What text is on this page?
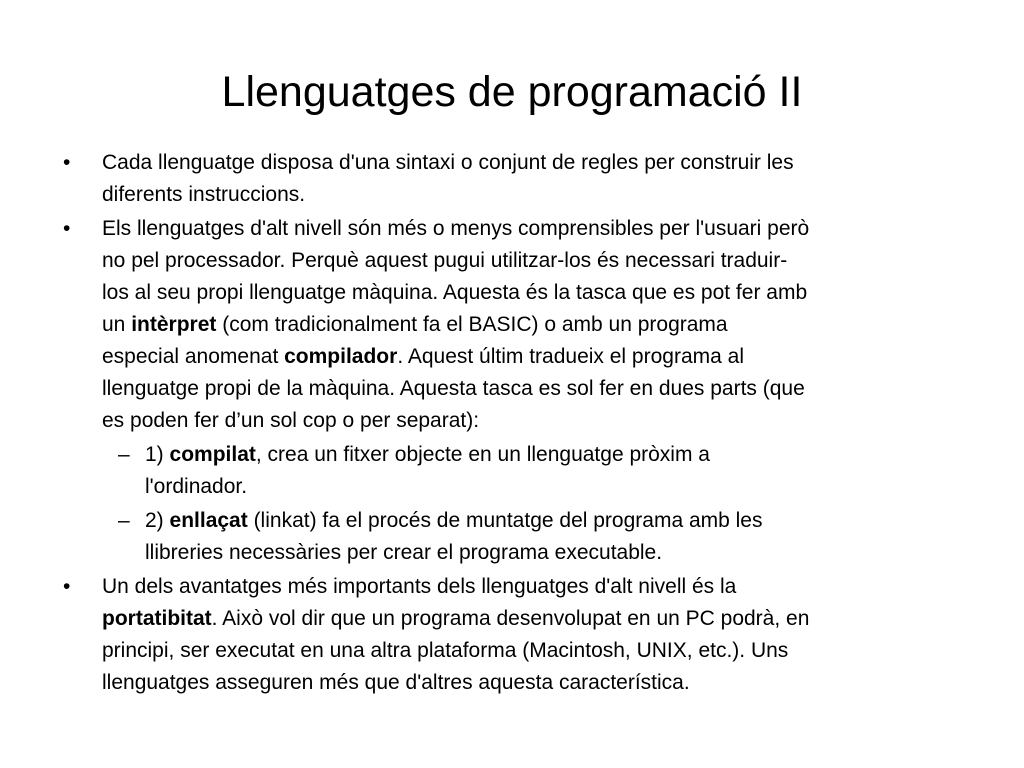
Llenguatges de programació II
• Cada llenguatge disposa d'una sintaxi o conjunt de regles per construir les
diferents instruccions.
• Els llenguatges d'alt nivell són més o menys comprensibles per l'usuari però
no pel processador. Perquè aquest pugui utilitzar-los és necessari traduir-
los al seu propi llenguatge màquina. Aquesta és la tasca que es pot fer amb
un intèrpret (com tradicionalment fa el BASIC) o amb un programa
especial anomenat compilador. Aquest últim tradueix el programa al
llenguatge propi de la màquina. Aquesta tasca es sol fer en dues parts (que
es poden fer d’un sol cop o per separat):
– 1) compilat, crea un fitxer objecte en un llenguatge pròxim a
l'ordinador.
– 2) enllaçat (linkat) fa el procés de muntatge del programa amb les
llibreries necessàries per crear el programa executable.
• Un dels avantatges més importants dels llenguatges d'alt nivell és la
portatibitat. Això vol dir que un programa desenvolupat en un PC podrà, en
principi, ser executat en una altra plataforma (Macintosh, UNIX, etc.). Uns
llenguatges asseguren més que d'altres aquesta característica.
